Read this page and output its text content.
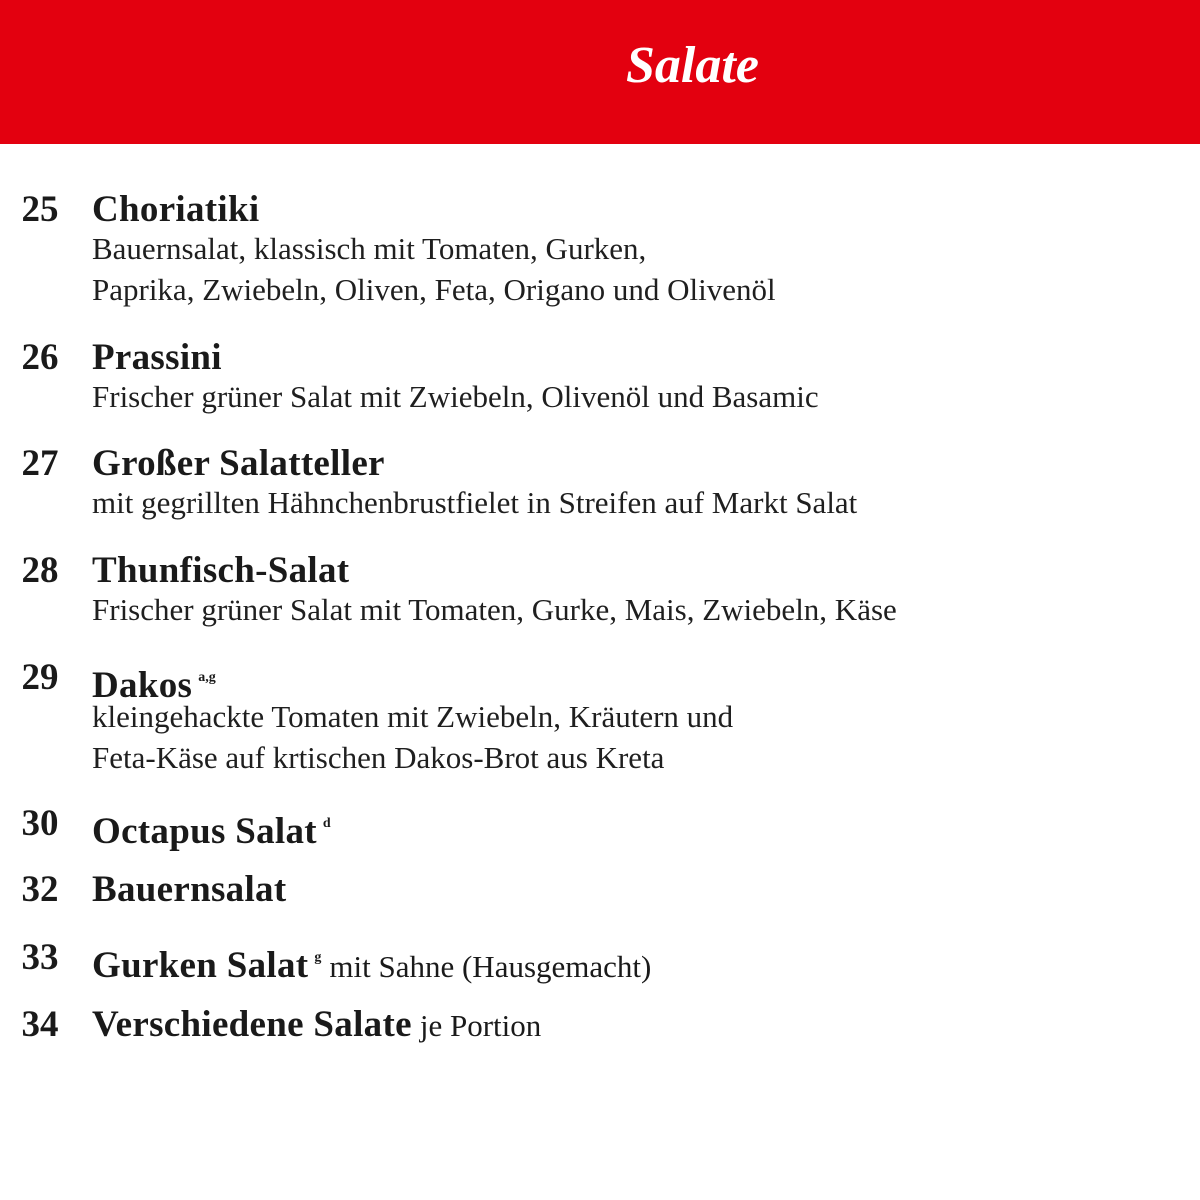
Salate
25 Choriatiki
Bauernsalat, klassisch mit Tomaten, Gurken,
Paprika, Zwiebeln, Oliven, Feta, Origano und Olivenöl
26 Prassini
Frischer grüner Salat mit Zwiebeln, Olivenöl und Basamic
27 Großer Salatteller
mit gegrillten Hähnchenbrustfielet in Streifen auf Markt Salat
28 Thunfisch-Salat
Frischer grüner Salat mit Tomaten, Gurke, Mais, Zwiebeln, Käse
29 Dakos a,g
kleingehackte Tomaten mit Zwiebeln, Kräutern und
Feta-Käse auf krtischen Dakos-Brot aus Kreta
30 Octapus Salat d
32 Bauernsalat
33 Gurken Salat g mit Sahne (Hausgemacht)
34 Verschiedene Salate je Portion
